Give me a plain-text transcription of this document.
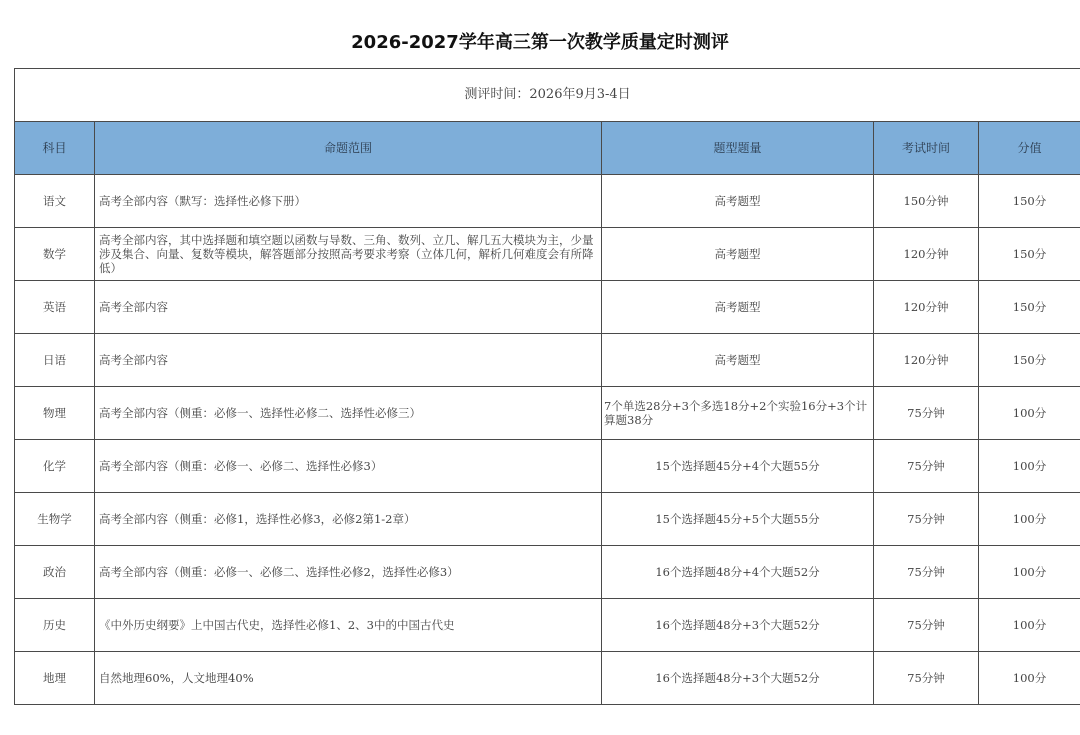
2026-2027学年高三第一次教学质量定时测评
测评时间：2026年9月3-4日				
科目	命题范围	题型题量	考试时间	分值
语文	高考全部内容（默写：选择性必修下册）	高考题型	150分钟	150分
数学	高考全部内容，其中选择题和填空题以函数与导数、三角、数列、立几、解几五大模块为主，少量涉及集合、向量、复数等模块，解答题部分按照高考要求考察（立体几何，解析几何难度会有所降低）	高考题型	120分钟	150分
英语	高考全部内容	高考题型	120分钟	150分
日语	高考全部内容	高考题型	120分钟	150分
物理	高考全部内容（侧重：必修一、选择性必修二、选择性必修三）	7个单选28分+3个多选18分+2个实验16分+3个计算题38分	75分钟	100分
化学	高考全部内容（侧重：必修一、必修二、选择性必修3）	15个选择题45分+4个大题55分	75分钟	100分
生物学	高考全部内容（侧重：必修1，选择性必修3，必修2第1-2章）	15个选择题45分+5个大题55分	75分钟	100分
政治	高考全部内容（侧重：必修一、必修二、选择性必修2，选择性必修3）	16个选择题48分+4个大题52分	75分钟	100分
历史	《中外历史纲要》上中国古代史，选择性必修1、2、3中的中国古代史	16个选择题48分+3个大题52分	75分钟	100分
地理	自然地理60%，人文地理40%	16个选择题48分+3个大题52分	75分钟	100分
